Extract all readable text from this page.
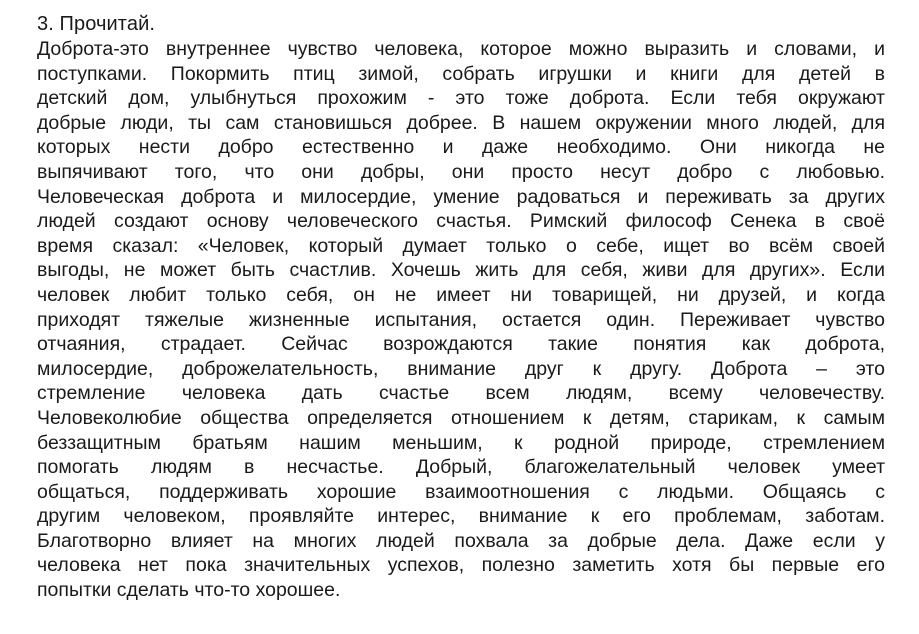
3. Прочитай.
Доброта-это внутреннее чувство человека, которое можно выразить и словами, и
поступками. Покормить птиц зимой, собрать игрушки и книги для детей в
детский дом, улыбнуться прохожим - это тоже доброта. Если тебя окружают
добрые люди, ты сам становишься добрее. В нашем окружении много людей, для
которых нести добро естественно и даже необходимо. Они никогда не
выпячивают того, что они добры, они просто несут добро с любовью.
Человеческая доброта и милосердие, умение радоваться и переживать за других
людей создают основу человеческого счастья. Римский философ Сенека в своё
время сказал: «Человек, который думает только о себе, ищет во всём своей
выгоды, не может быть счастлив. Хочешь жить для себя, живи для других». Если
человек любит только себя, он не имеет ни товарищей, ни друзей, и когда
приходят тяжелые жизненные испытания, остается один. Переживает чувство
отчаяния, страдает. Сейчас возрождаются такие понятия как доброта,
милосердие, доброжелательность, внимание друг к другу. Доброта – это
стремление человека дать счастье всем людям, всему человечеству.
Человеколюбие общества определяется отношением к детям, старикам, к самым
беззащитным братьям нашим меньшим, к родной природе, стремлением
помогать людям в несчастье. Добрый, благожелательный человек умеет
общаться, поддерживать хорошие взаимоотношения с людьми. Общаясь с
другим человеком, проявляйте интерес, внимание к его проблемам, заботам.
Благотворно влияет на многих людей похвала за добрые дела. Даже если у
человека нет пока значительных успехов, полезно заметить хотя бы первые его
попытки сделать что-то хорошее.
